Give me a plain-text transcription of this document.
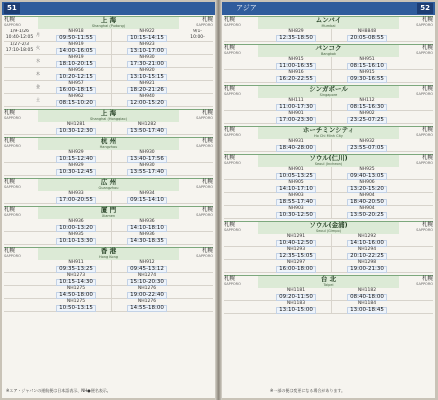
51
札幌
SAPPORO
上 海
Shanghai (Pudong)
札幌
SAPPORO
1/9-1/26
10:40-12:05
月
NH918
09:50-11:55
NH922
10:15-14:15
9/1-
10:00-
1/27-2/3
17:10-18:05
火
NH919
14:00-16:05
NH923
13:10-17:00
水
NH919
18:10-20:15
NH930
17:30-21:00
木
NH956
10:20-12:15
NH920
13:10-15:15
金
NH957
16:00-18:15
NH921
18:20-21:26
土
NH962
08:15-10:20
NH940
12:00-15:20
札幌
SAPPORO
上 海
Shanghai (Hongqiao)
札幌
SAPPORO
NH1281
10:30-12:30
NH1282
13:50-17:40
札幌
SAPPORO
杭 州
Hangzhou
札幌
SAPPORO
NH929
10:15-12:40
NH930
13:40-17:56
NH929
10:30-12:45
NH930
13:55-17:40
札幌
SAPPORO
広 州
Guangzhou
札幌
SAPPORO
NH933
17:00-20:55
NH934
09:15-14:10
札幌
SAPPORO
厦 門
Xiamen
札幌
SAPPORO
NH936
10:00-13:20
NH936
14:10-18:10
NH935
10:10-13:30
NH936
14:30-18:35
札幌
SAPPORO
香 港
Hong Kong
札幌
SAPPORO
NH911
09:35-13:25
NH912
09:45-13:12
NH1273
10:15-14:30
NH1274
15:10-20:30
NH1275
14:50-18:00
NH1276
19:00-22:40
NH1275
10:50-13:15
NH1276
14:55-18:00
※エア・ジャパンの運航便は日本語表示、NH●便名表示。
アジア	52
札幌
SAPPORO
ムンバイ
Mumbai
札幌
SAPPORO
NH829
12:35-18:50
NH8848
20:05-08:55
札幌
SAPPORO
バンコク
Bangkok
札幌
SAPPORO
NH915
11:00-16:35
NH951
08:15-16:10
NH916
16:20-22:55
NH915
09:30-16:55
札幌
SAPPORO
シンガポール
Singapore
札幌
SAPPORO
NH111
11:00-17:30
NH112
08:15-16:30
NH901
17:00-23:30
NH902
23:25-07:25
札幌
SAPPORO
ホーチミンシティ
Ho Chi Minh City
札幌
SAPPORO
NH931
18:40-28:00
NH932
23:55-07:05
札幌
SAPPORO
ソウル(仁川)
Seoul (Incheon)
札幌
SAPPORO
NH901
10:05-13:25
NH925
09:40-13:05
NH905
14:10-17:10
NH906
13:20-15:20
NH903
18:55-17:40
NH904
18:40-20:50
NH903
10:30-12:50
NH904
13:50-20:25
札幌
SAPPORO
ソウル(金浦)
Seoul (Gimpo)
札幌
SAPPORO
NH1291
10:40-12:50
NH1292
14:10-16:00
NH1293
12:35-15:05
NH1294
20:10-22:25
NH1297
16:00-18:00
NH1298
19:00-21:30
札幌
SAPPORO
台 北
Taipei
札幌
SAPPORO
NH1181
09:20-11:50
NH1182
08:40-18:00
NH1183
13:10-15:00
NH1184
13:00-18:45
※一部の便は変更になる場合があります。
